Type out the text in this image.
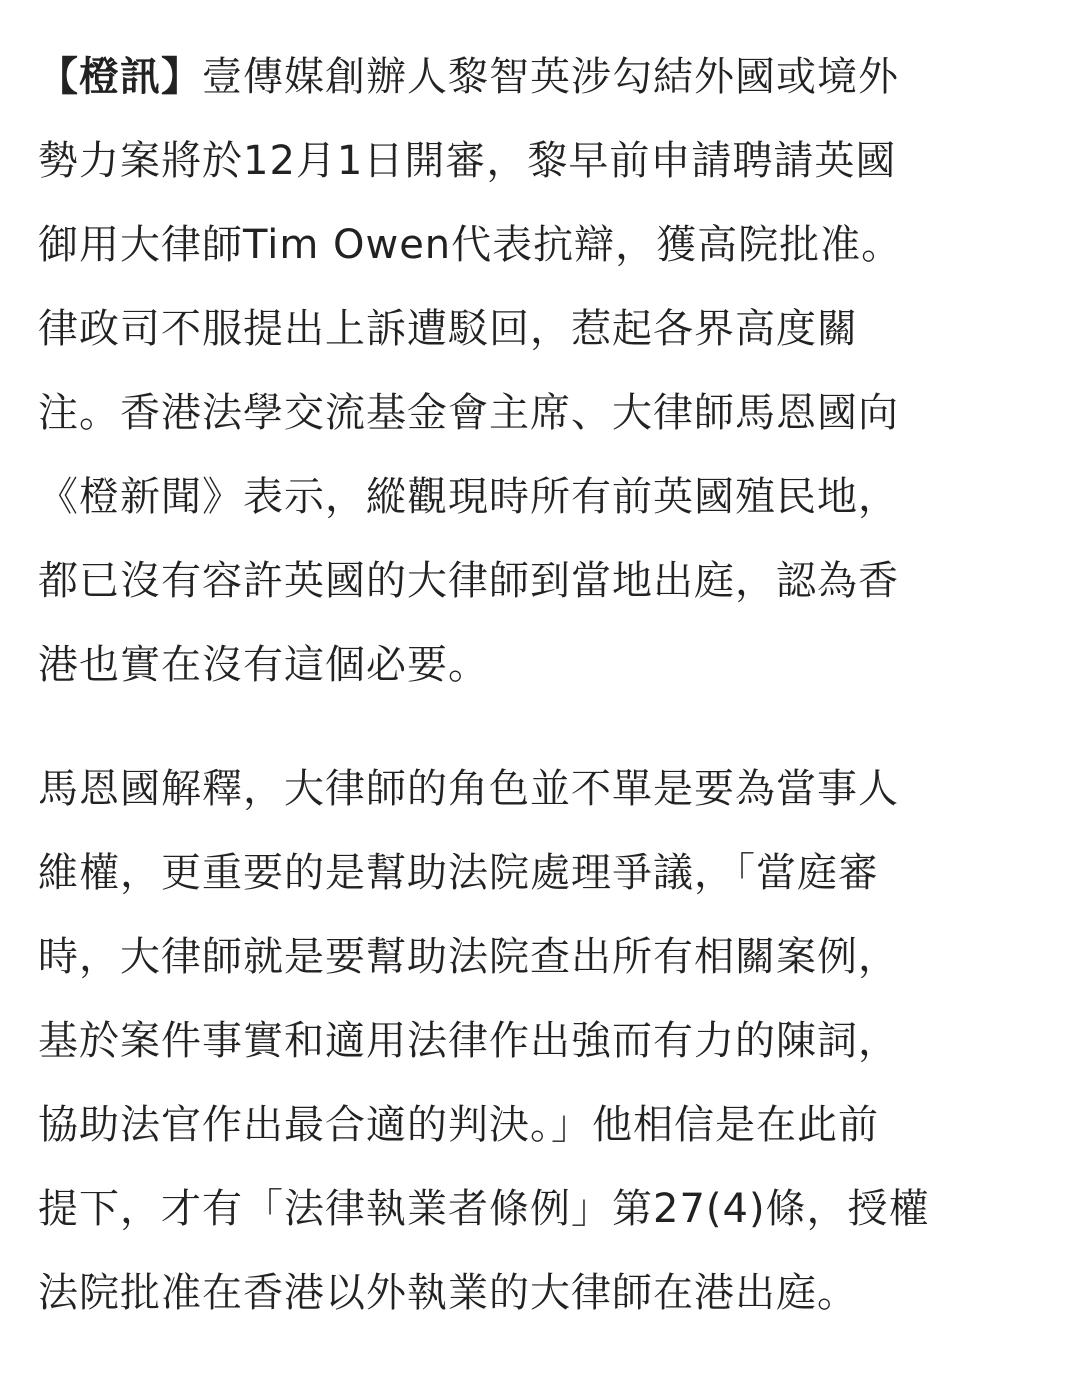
【橙訊】壹傳媒創辦人黎智英涉勾結外國或境外
勢力案將於12月1日開審，黎早前申請聘請英國
御用大律師Tim Owen代表抗辯，獲高院批准。
律政司不服提出上訴遭駁回，惹起各界高度關
注。香港法學交流基金會主席、大律師馬恩國向
《橙新聞》表示，縱觀現時所有前英國殖民地，
都已沒有容許英國的大律師到當地出庭，認為香
港也實在沒有這個必要。
馬恩國解釋，大律師的角色並不單是要為當事人
維權，更重要的是幫助法院處理爭議，「當庭審
時，大律師就是要幫助法院查出所有相關案例，
基於案件事實和適用法律作出強而有力的陳詞，
協助法官作出最合適的判決。」他相信是在此前
提下，才有「法律執業者條例」第27(4)條，授權
法院批准在香港以外執業的大律師在港出庭。
